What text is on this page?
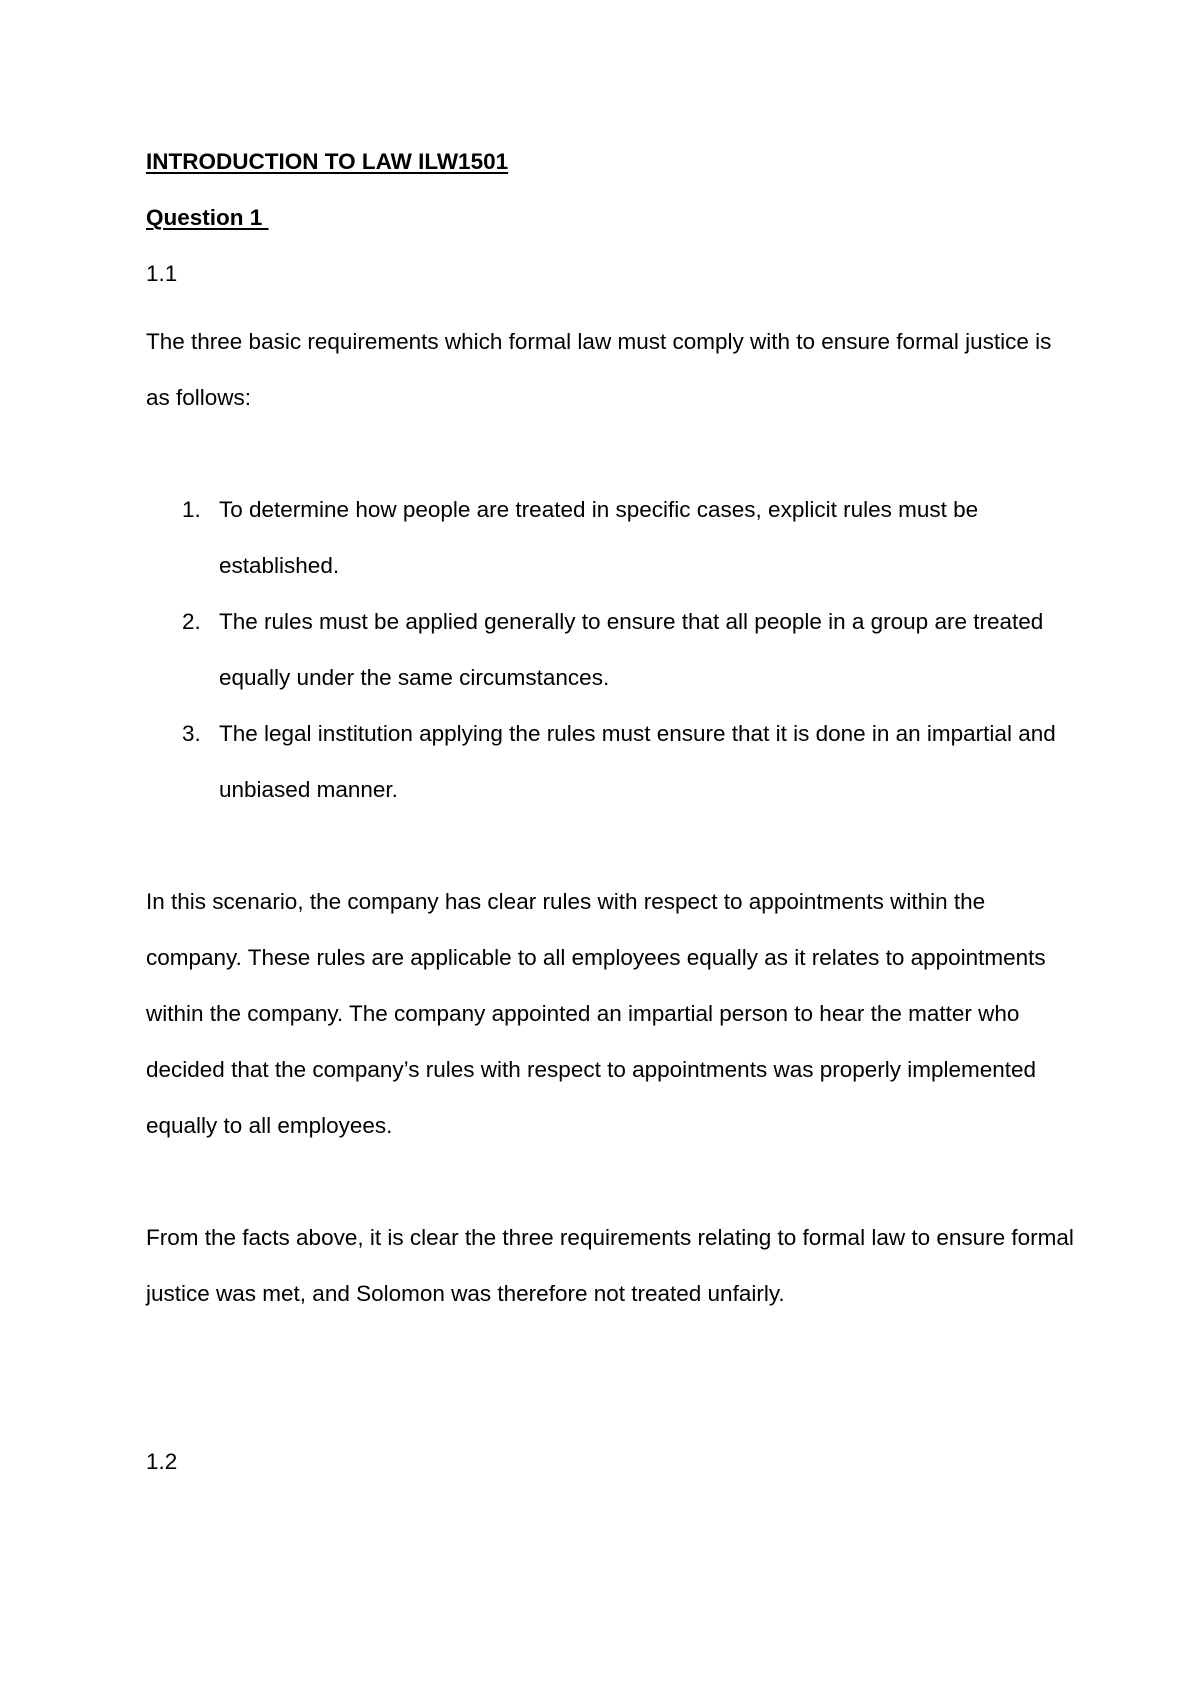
INTRODUCTION TO LAW ILW1501

Question 1

1.1

The three basic requirements which formal law must comply with to ensure formal justice is as follows:

1. To determine how people are treated in specific cases, explicit rules must be established.
2. The rules must be applied generally to ensure that all people in a group are treated equally under the same circumstances.
3. The legal institution applying the rules must ensure that it is done in an impartial and unbiased manner.

In this scenario, the company has clear rules with respect to appointments within the company. These rules are applicable to all employees equally as it relates to appointments within the company. The company appointed an impartial person to hear the matter who decided that the company’s rules with respect to appointments was properly implemented equally to all employees.

From the facts above, it is clear the three requirements relating to formal law to ensure formal justice was met, and Solomon was therefore not treated unfairly.

1.2
